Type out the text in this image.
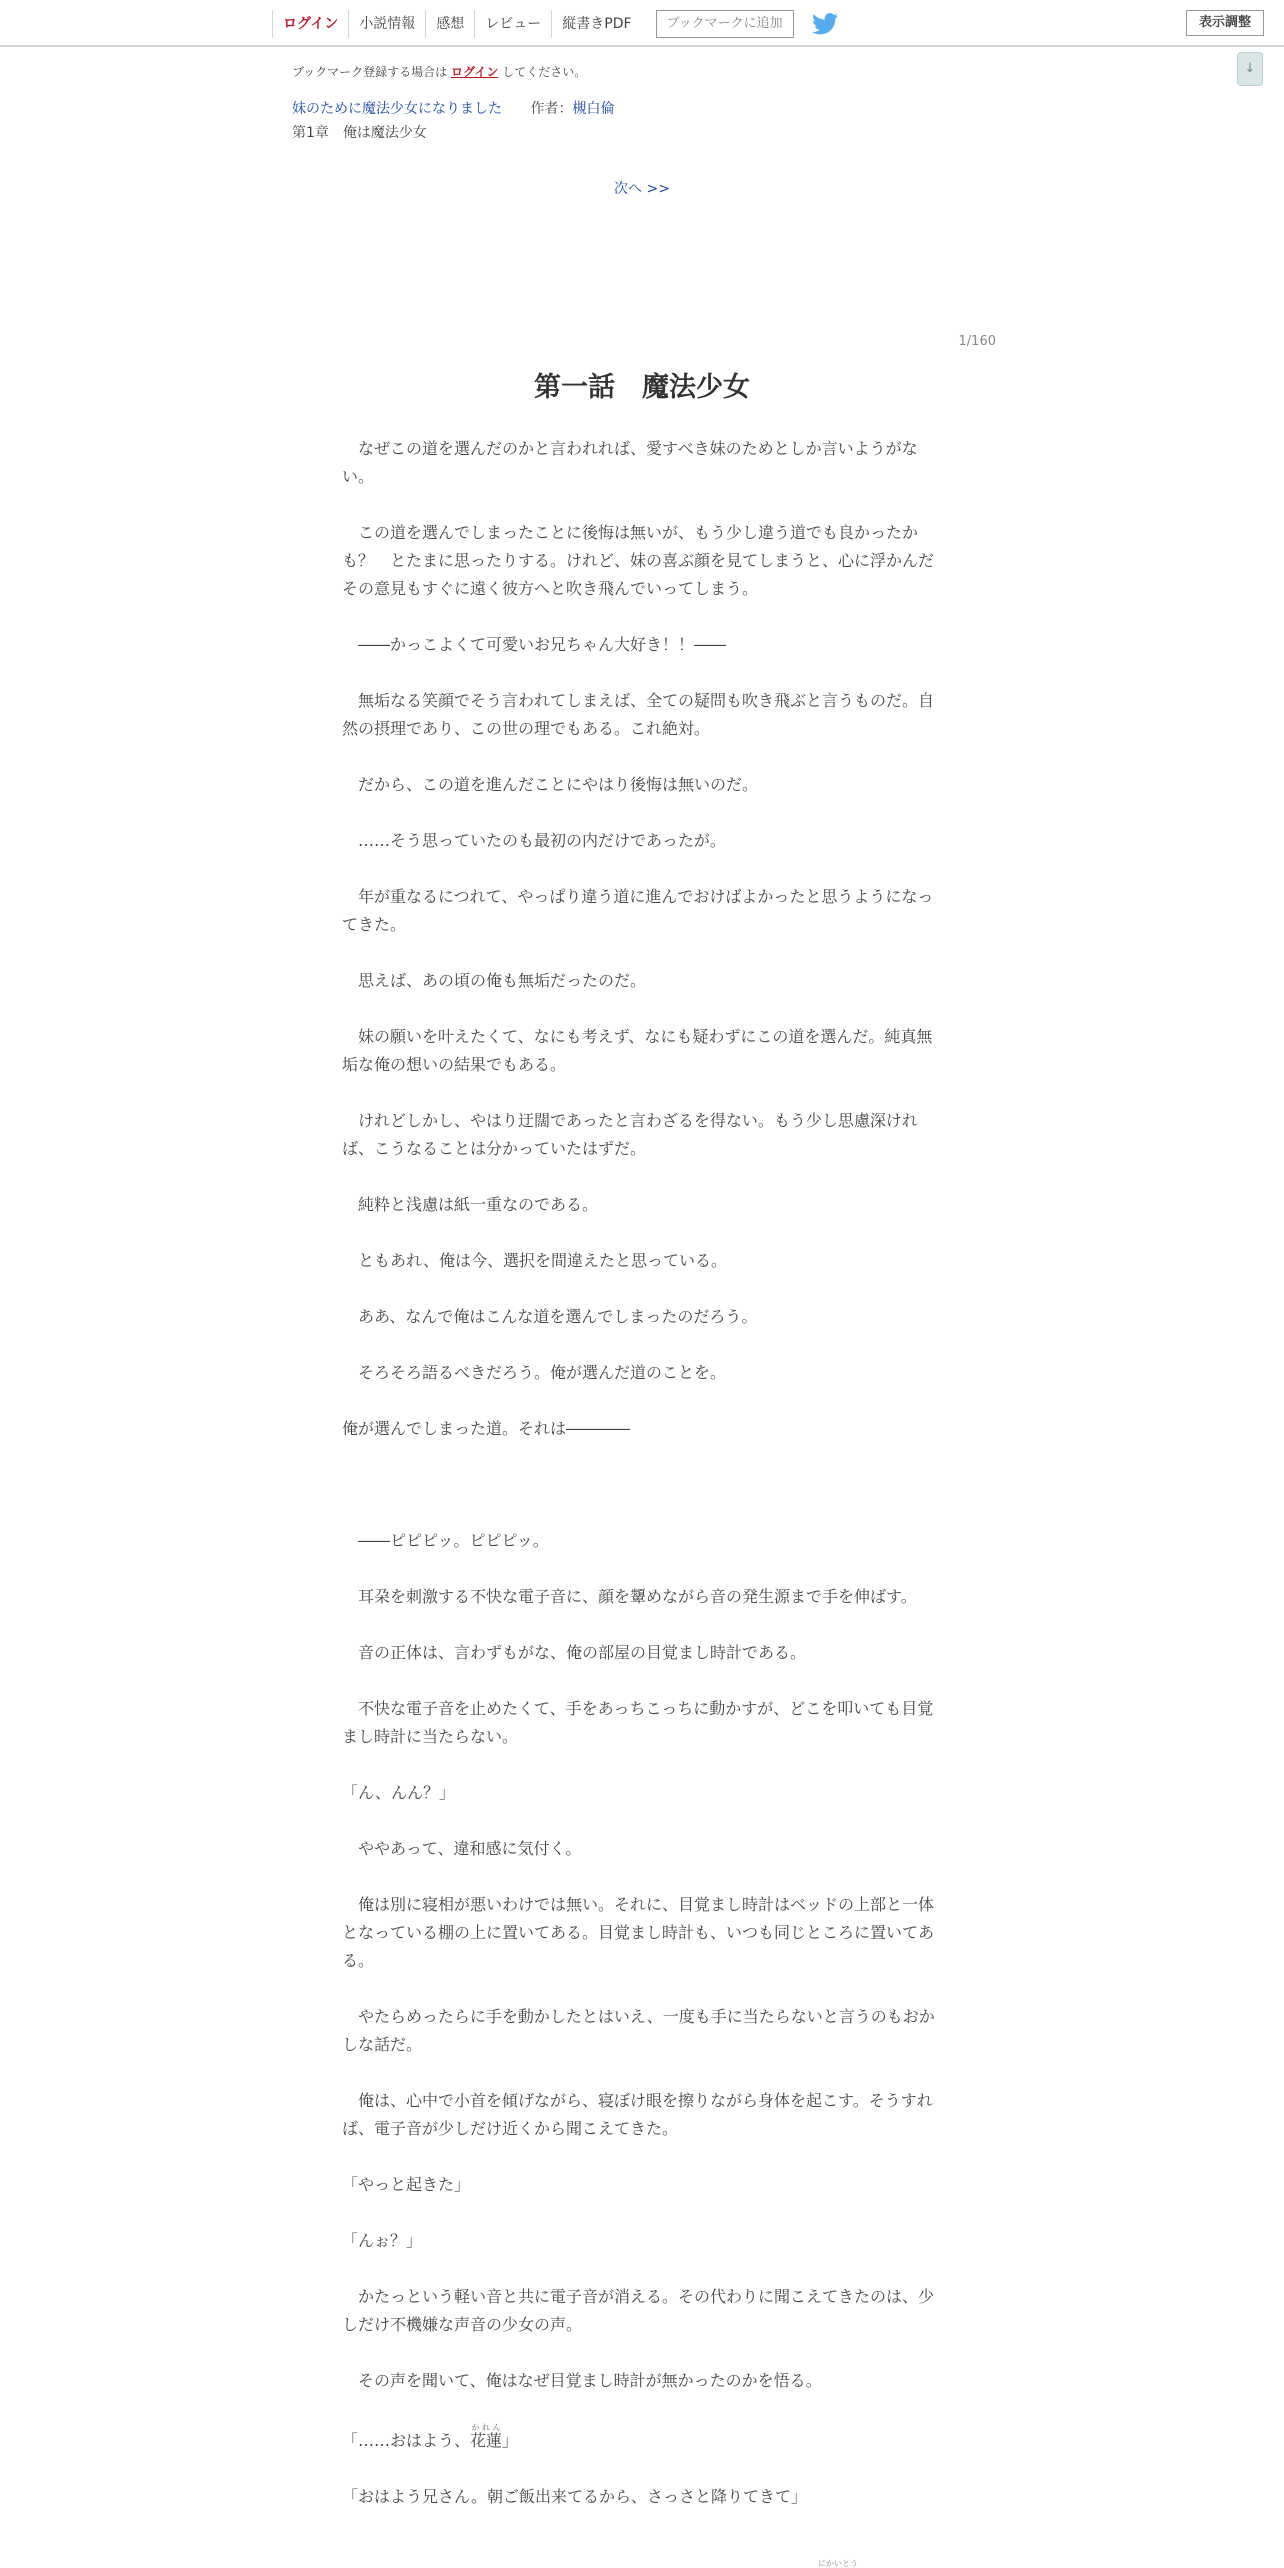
ログイン	小説情報	感想	レビュー	縦書きPDF	ブックマークに追加	表示調整
↓
ブックマーク登録する場合は ログイン してください。
妹のために魔法少女になりました 作者：槻白倫
第1章　俺は魔法少女
次へ >>
1/160
第一話　魔法少女

　なぜこの道を選んだのかと言われれば、愛すべき妹のためとしか言いようがない。

　この道を選んでしまったことに後悔は無いが、もう少し違う道でも良かったかも？　とたまに思ったりする。けれど、妹の喜ぶ顔を見てしまうと、心に浮かんだその意見もすぐに遠く彼方へと吹き飛んでいってしまう。

　――かっこよくて可愛いお兄ちゃん大好き！！――

　無垢なる笑顔でそう言われてしまえば、全ての疑問も吹き飛ぶと言うものだ。自然の摂理であり、この世の理でもある。これ絶対。

　だから、この道を進んだことにやはり後悔は無いのだ。

　……そう思っていたのも最初の内だけであったが。

　年が重なるにつれて、やっぱり違う道に進んでおけばよかったと思うようになってきた。

　思えば、あの頃の俺も無垢だったのだ。

　妹の願いを叶えたくて、なにも考えず、なにも疑わずにこの道を選んだ。純真無垢な俺の想いの結果でもある。

　けれどしかし、やはり迂闊であったと言わざるを得ない。もう少し思慮深ければ、こうなることは分かっていたはずだ。

　純粋と浅慮は紙一重なのである。

　ともあれ、俺は今、選択を間違えたと思っている。

　ああ、なんで俺はこんな道を選んでしまったのだろう。

　そろそろ語るべきだろう。俺が選んだ道のことを。

俺が選んでしまった道。それは――――

　――ピピピッ。ピピピッ。

　耳朶を刺激する不快な電子音に、顔を顰めながら音の発生源まで手を伸ばす。

　音の正体は、言わずもがな、俺の部屋の目覚まし時計である。

　不快な電子音を止めたくて、手をあっちこっちに動かすが、どこを叩いても目覚まし時計に当たらない。

「ん、んん？」

　ややあって、違和感に気付く。

　俺は別に寝相が悪いわけでは無い。それに、目覚まし時計はベッドの上部と一体となっている棚の上に置いてある。目覚まし時計も、いつも同じところに置いてある。

　やたらめったらに手を動かしたとはいえ、一度も手に当たらないと言うのもおかしな話だ。

　俺は、心中で小首を傾げながら、寝ぼけ眼を擦りながら身体を起こす。そうすれば、電子音が少しだけ近くから聞こえてきた。

「やっと起きた」

「んぉ？」

　かたっという軽い音と共に電子音が消える。その代わりに聞こえてきたのは、少しだけ不機嫌な声音の少女の声。

　その声を聞いて、俺はなぜ目覚まし時計が無かったのかを悟る。

「……おはよう、花蓮かれん」

「おはよう兄さん。朝ご飯出来てるから、さっさと降りてきて」

にかいとう
